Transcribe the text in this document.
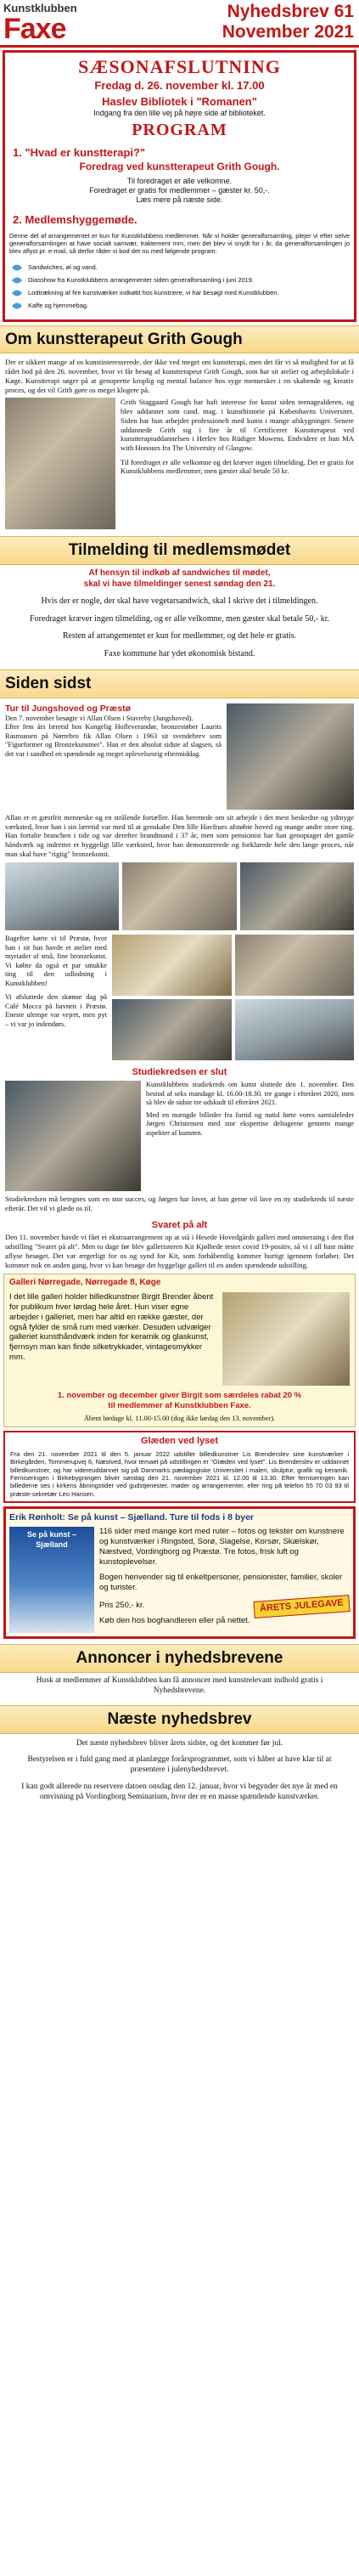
Kunstklubben
Faxe
Nyhedsbrev 61
November 2021
SÆSONAFSLUTNING
Fredag d. 26. november kl. 17.00
Haslev Bibliotek i "Romanen"
Indgang fra den lille vej på højre side af biblioteket.
PROGRAM
1. "Hvad er kunstterapi?"
Foredrag ved kunstterapeut Grith Gough.
Til foredraget er alle velkomne.
Foredraget er gratis for medlemmer – gæster kr. 50,-.
Læs mere på næste side.
2. Medlemshyggemøde.
Denne del af arrangementet er kun for Kunstklubbens medlemmer. Når vi holder generalforsamling, plejer vi efter selve generalforsamlingen at have socialt samvær, traktement mm, men det blev vi snydt for i år, da generalforsamlingen jo blev aflyst pr. e-mail, så derfor råder vi bod det nu med følgende program:
Sandwiches, øl og vand.
Diasshow fra Kunstklubbens arrangementer siden generalforsamling i juni 2019.
Lodtrækning af fire kunstværker indkøbt hos kunstnere, vi har besøgt med Kunstklubben.
Kaffe og hjemmebag.
Om kunstterapeut Grith Gough
Der er sikkert mange af os kunstinteresserede, der ikke ved meget om kunstterapi, men det får vi så mulighed for at få rådet bod på den 26. november, hvor vi får besøg af kunstterapeut Grith Gough, som har sit atelier og arbejdslokale i Køge. Kunstterapi søger på at genoprette kroplig og mental balance hos syge mennesker i en skabende og kreativ proces, og det vil Grith gøre os meget klogere på.
Grith Staggaard Gough har haft interesse for kunst siden teenagealderen, og blev uddannet som cand. mag. i kunsthistorie på Københavns Universitet. Siden har hun arbejdet professionelt med kunst i mange afskygninger. Senere uddannede Grith sig i fire år til Certificeret Kunstterapeut ved kunstterapiuddannelsen i Herlev hos Rüdiger Mowens. Endvidere er hun MA with Honours fra The University of Glasgow.
Til foredraget er alle velkomne og det kræver ingen tilmelding. Det er gratis for Kunstklubbens medlemmer, men gæster skal betale 50 kr.
Tilmelding til medlemsmødet
Af hensyn til indkøb af sandwiches til mødet,
skal vi have tilmeldinger senest søndag den 21.
Hvis der er nogle, der skal have vegetarsandwich, skal I skrive det i tilmeldingen.
Foredraget kræver ingen tilmelding, og er alle velkomne, men gæster skal betale 50,- kr.
Resten af arrangementet er kun for medlemmer, og det hele er gratis.
Faxe kommune har ydet økonomisk bistand.
Siden sidst
Tur til Jungshoved og Præstø
Den 7. november besøgte vi Allan Olsen i Stavreby (Jungshoved).
Efter fem års læretid hos Kongelig Hofleverandør, bronzestøber Laurits Rasmussen på Nørrebro fik Allan Olsen i 1963 sit svendebrev som "Figurformer og Bronzekunstner". Han er den absolut sidste af slagsen, så det var i sandhed en spændende og meget oplevelsesrig eftermiddag.
Allan er et gæstfrit menneske og en strålende fortæller. Han berettede om sit arbejde i det mest beskedne og ydmyge værksted, hvor han i sin læretid var med til at genskabe Den lille Havfrues afstøbte hoved og mange andre store ting. Han fortalte branchen i tide og var derefter brandmand i 37 år, men som pensionist har han genoptaget det gamle håndværk og indrettet et hyggeligt lille værksted, hvor han demonstrerede og forklarede hele den lange proces, når man skal have "rigtig" bronzekunst.
Bagefter kørte vi til Præstø, hvor han i sit hus havde et atelier med myriader af små, fine bronzekunst. Vi købte da også et par smukke ting til den udlodning i Kunstklubben!
Vi afsluttede den skønne dag på Café Mocca på havnen i Præstø. Eneste ulempe var vejret, men pyt – vi var jo indendørs.
Studiekredsen er slut
Kunstklubbens studiekreds om kunst sluttede den 1. november. Den bestod af seks mandage kl. 16.00-18.30. tre gange i efteråret 2020, men så blev de sidste tre udskudt til efteråret 2021.
Med en mængde billeder fra fortid og nutid førte vores samtaleleder Jørgen Christensen med stor ekspertise deltagerne gennem mange aspekter af kunsten.
Studiekredsen må betegnes som en stor succes, og Jørgen har lovet, at han gerne vil lave en ny studiekreds til næste efterår. Det vil vi glæde os til.
Svaret på alt
Den 11. november havde vi fået et ekstraarrangement op at stå i Hesede Hovedgårds galleri med ommeraing i den flot udstilling "Svaret på alt". Men to dage før blev galleristeren Kit Kjølhede testet covid 19-positiv, så vi i all hast måtte aflyse besøget. Det var ærgerligt for os og synd for Kit, som forhåbentlig kommer hurtigt igennem forløbet. Det kommer nok en anden gang, hvor vi kan besøge det hyggelige galleri til en anden spændende udstilling.
Galleri Nørregade, Nørregade 8, Køge
I det lille galleri holder billedkunstner Birgit Brender åbent for publikum hver lørdag hele året. Hun viser egne arbejder i galleriet, men har altid en række gæster, der også fylder de små rum med værker. Desuden udvælger galleriet kunsthåndværk inden for keramik og glaskunst, fjernsyn man kan finde silketrykkader, vintagesmykker mm.
1. november og december giver Birgit som særdeles rabat 20 %
til medlemmer af Kunstklubben Faxe.
Åbent lørdage kl. 11.00-15.00 (dog ikke lørdag den 13. november).
Glæden ved lyset
Fra den 21. november 2021 til den 5. januar 2022 udstiller billedkunstner Lis Brenderslev sine kunstværker i Birkegården, Tommerupvej 6, Næstved, hvor temaet på udstillingen er "Glæden ved lyset". Lis Brenderslev er uddannet billedkunstner, og har videreuddannet sig på Danmarks pædagogiske Universitet i maleri, skulptur, grafik og keramik. Ferniseringen i Birkebygningen bliver søndag den 21. november 2021 kl. 12.00 til 13.30. Efter ferniseringen kan billederne ses i kirkens åbningstider ved gudstjenester, møder og arrangementer, eller ring på telefon 55 70 03 93 til præste-sekretær Leo Hansen.
Erik Rønholt: Se på kunst – Sjælland. Ture til fods i 8 byer
Se på kunst – Sjælland
116 sider med mange kort med ruter – fotos og tekster om kunstnere og kunstværker i Ringsted, Sorø, Slagelse, Korsør, Skælskør, Næstved, Vordingborg og Præstø. Tre fotos, frisk luft og kunstoplevelser.
Bogen henvender sig til enkeltpersoner, pensionister, familier, skoler og turister.
Pris 250,- kr.	ÅRETS JULEGAVE
Køb den hos boghandleren eller på nettet.
Annoncer i nyhedsbrevene
Husk at medlemmer af Kunstklubben kan få annoncer med kunstrelevant indhold gratis i Nyhedsbrevene.
Næste nyhedsbrev
Det næste nyhedsbrev bliver årets sidste, og det kommer før jul.
Bestyrelsen er i fuld gang med at planlægge forårsprogrammet, som vi håber at have klar til at præsentere i julenyhedsbrevet.
I kan godt allerede nu reservere datoen onsdag den 12. januar, hvor vi begynder det nye år med en omvisning på Vordingborg Seminarium, hvor der er en masse spændende kunstværker.
